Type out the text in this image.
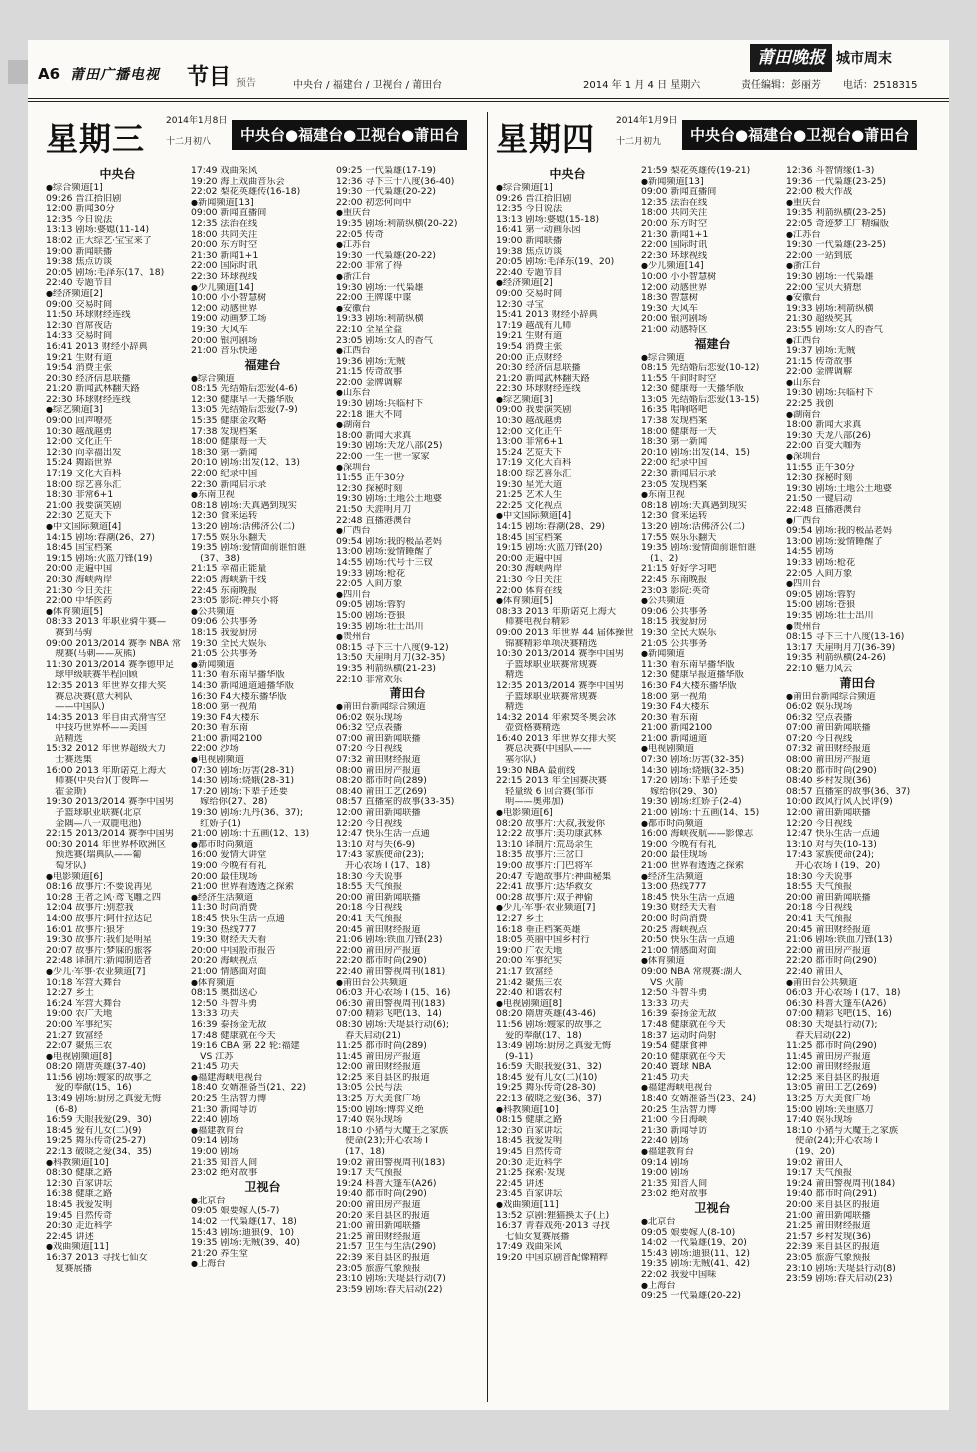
A6 莆田广播电视 节目 预告	中央台 / 福建台 / 卫视台 / 莆田台	2014 年 1 月 4 日 星期六	责任编辑：彭丽芳 电话：2518315
莆田晚报 城市周末
星期三 2014年1月8日
十二月初八	中央台●福建台●卫视台●莆田台
中央台
● 综合频道[1]
09:26 晋江拾旧剧
12:00 新闻30分
12:35 今日说法
13:13 剧场:婆媳(11-14)
18:02 正大综艺·宝宝来了
19:00 新闻联播
19:38 焦点访谈
20:05 剧场:毛泽东(17、18)
22:40 专题节目
● 经济频道[2]
09:00 交易时间
11:50 环球财经连线
12:30 首席夜话
14:33 交易时间
16:41 2013 财经小辞典
19:21 生财有道
19:54 消费主张
20:30 经济信息联播
21:20 新闻武林翻天路
22:30 环球财经连线
● 综艺频道[3]
09:00 回声嘹亮
10:30 越战越勇
12:00 文化正午
12:30 向幸福出发
15:24 舞蹈世界
17:19 文化大百科
18:00 综艺喜乐汇
18:30 非常6+1
21:00 我要演笑剧
22:30 艺览天下
● 中文国际频道[4]
14:15 剧场:春潮(26、27)
18:45 国宝档案
19:15 剧场:火蓝刀锋(19)
20:00 走遍中国
20:30 海峡两岸
21:30 今日关注
22:00 中华医药
● 体育频道[5]
08:33 2013 年职业骑牛赛—
　赛到马驹
09:00 2013/2014 赛季 NBA 常
　规赛(马刺——灰熊)
11:30 2013/2014 赛季德甲足
　球甲级联赛半程回顾
12:35 2013 年世界女排大奖
　赛总决赛(意大利队
　——中国队)
14:35 2013 年自由式滑雪空
　中技巧世界杯——美国
　站精选
15:32 2012 年世界超级大力
　士赛选集
16:00 2013 年斯诺克上海大
　师赛(中央台)(丁俊晖—
　霍金斯)
19:30 2013/2014 赛季中国男
　子篮球职业联赛(北京
　金隅—八一双鹿电池)
22:15 2013/2014 赛季中国男
00:30 2014 年世界杯欧洲区
　预选赛(瑞典队——葡
　萄牙队)
● 电影频道[6]
08:16 故事片:不要说再见
10:28 王者之风·鸢飞雕之四
12:04 故事片:别惹我
14:00 故事片:阿什拉达记
16:01 故事片:狼牙
19:30 故事片:我们是明星
20:07 故事片:梦寐的旅客
22:48 译制片:新闻制造者
● 少儿·军事·农业频道[7]
10:18 军营大舞台
12:27 乡土
16:24 军营大舞台
19:00 农广天地
20:00 军事纪实
21:27 致富经
22:07 聚焦三农
● 电视剧频道[8]
08:20 隋唐英雄(37-40)
11:56 剧场:嫂家的故事之
　爱的奉献(15、16)
13:49 剧场:厨房之真爱无悔
　(6-8)
16:59 天眼我爱(29、30)
18:45 爱有儿女(二)(9)
19:25 舞乐传奇(25-27)
22:13 破晓之爱(34、35)
● 科教频道[10]
08:30 健康之路
12:30 百家讲坛
16:38 健康之路
18:45 我爱发明
19:45 自然传奇
20:30 走近科学
22:45 讲述
● 戏曲频道[11]
16:37 2013 寻找七仙女
　复赛展播
17:49 戏曲采风
19:20 海上戏曲音乐会
22:02 梨花英雄传(16-18)
● 新闻频道[13]
09:00 新闻直播间
12:35 法治在线
18:00 共同关注
20:00 东方时空
21:30 新闻1+1
22:00 国际时讯
22:30 环球视线
● 少儿频道[14]
10:00 小小智慧树
12:00 动感世界
19:00 动画梦工场
19:30 大风车
20:00 银河剧场
21:00 音乐快递
福建台
● 综合频道
08:15 先结婚后恋爱(4-6)
12:30 健康早一天播华版
13:05 先结婚后恋爱(7-9)
15:35 健康金攻略
17:38 发现档案
18:00 健康每一天
18:30 第一新闻
20:10 剧场:出发(12、13)
22:00 纪录中国
22:30 新闻启示录
● 东南卫视
08:18 剧场:天真遇到现实
12:30 食来运转
13:20 剧场:活佛济公(二)
17:55 娱乐乐翻天
19:35 剧场:爱情面前谁怕谁
　(37、38)
21:15 幸福正能量
22:05 海峡新干线
22:45 东南晚报
23:05 影院:神兵小将
● 公共频道
09:06 公共事务
18:15 我爱厨房
19:30 全民大娱乐
21:05 公共事务
● 新闻频道
11:30 看东南早播华版
14:30 新闻通道通播华版
16:30 F4大楼东播华版
18:00 第一视角
19:30 F4大楼东
20:30 看东南
21:00 新闻2100
22:00 沙场
● 电视剧频道
07:30 剧场:厉害(28-31)
14:30 剧场:烧娥(28-31)
17:20 剧场:下辈子还要
　嫁给你(27、28)
19:30 剧场:九丹(36、37);
　红娇子(1)
21:00 剧场:十五画(12、13)
● 都市时尚频道
16:00 爱情大讲堂
19:00 今晚有有礼
20:00 最佳现场
21:00 世界看透透之探索
● 经济生活频道
11:30 时尚消费
18:45 快乐生活一点通
19:30 热线777
19:30 财经天天看
20:00 中国股市报告
20:20 海峡视点
21:00 情感面对面
● 体育频道
08:15 奥拙送心
12:50 斗智斗勇
13:33 功夫
16:39 泰扬金无敌
17:48 健康就在今天
19:16 CBA 第 22 轮:福建
　VS 江苏
21:45 功夫
● 福建海峡电视台
18:40 女婿准备当(21、22)
20:25 生活智力博
21:30 新闻导访
22:40 剧场
● 福建教育台
09:14 剧场
19:00 剧场
21:35 知音人间
23:02 绝对故事
卫视台
● 北京台
09:05 娘要嫁人(5-7)
14:02 一代枭雄(17、18)
15:43 剧场:迪狼(9、10)
19:35 剧场:无贼(39、40)
21:20 养生堂
● 上海台
09:25 一代枭雄(17-19)
12:36 寻下三十八度(36-40)
19:30 一代枭雄(20-22)
22:00 初恋何向中
● 重庆台
19:35 剧场:利箭纵横(20-22)
22:05 传奇
● 江苏台
19:30 一代枭雄(20-22)
22:00 非常了得
● 浙江台
19:30 剧场:一代枭雄
22:00 王牌谍中谍
● 安徽台
19:33 剧场:利箭纵横
22:10 全星全益
23:05 剧场:女人的香气
● 江西台
19:36 剧场:无贼
21:15 传奇故事
22:00 金牌调解
● 山东台
19:30 剧场:兵临村下
22:18 谁大不同
● 湖南台
18:00 新闻大求真
19:30 剧场:天龙八部(25)
22:00 一生一世一家家
● 深圳台
11:55 正午30分
12:30 探秘时刻
19:30 剧场:土地公土地婆
21:50 天涯明月刀
22:48 直播港澳台
● 广西台
09:54 剧场:我的极品老妈
13:00 剧场:爱情睡醒了
14:55 剧场:代号十三钗
19:33 剧场:枪花
22:05 入间万象
● 四川台
09:05 剧场:蓉豹
15:00 剧场:苍狼
19:35 剧场:壮士出川
● 贵州台
08:15 寻下三十八度(9-12)
13:50 天崖明月刀(32-35)
19:35 利箭纵横(21-23)
22:10 非常欢乐
莆田台
● 莆田台新闻综合频道
06:02 娱乐现场
06:32 空点表播
07:00 莆田新闻联播
07:20 今日视线
07:32 莆田财经报道
08:00 莆田房产报道
08:20 都市时尚(289)
08:40 莆田工艺(269)
08:57 直播室的故事(33-35)
12:00 莆田新闻联播
12:20 今日视线
12:47 快乐生活一点通
13:10 对与失(6-9)
17:43 家族使命(23);
　开心农场 I (17、18)
18:30 今天说事
18:55 天气预报
20:00 莆田新闻联播
20:18 今日视线
20:41 天气预报
20:45 莆田财经报道
21:06 剧场:铁血刀锋(23)
22:00 莆田房产报道
22:20 都市时尚(290)
22:40 莆田警视周刊(181)
● 莆田台公共频道
06:03 开心农场 I (15、16)
06:30 莆田警视周刊(183)
07:00 精彩飞吧(13、14)
08:30 剧场:天堤县行动(6);
　春天启动(21)
11:25 都市时尚(289)
11:45 莆田房产报道
12:00 莆田财经报道
12:25 来自县区的报道
13:05 公民与法
13:25 万大美食广场
15:00 剧场:博弈义绝
17:40 娱乐现场
18:10 小猪与大魔王之家族
　使命(23);开心农场 I
　(17、18)
19:02 莆田警视周刊(183)
19:17 天气预报
19:24 科普大篷车(A26)
19:40 都市时尚(290)
20:00 莆田房产报道
20:20 来自县区的报道
21:00 莆田新闻联播
21:25 莆田财经报道
21:57 卫生与生活(290)
22:39 来自县区的报道
23:05 旅游气象预报
23:10 剧场:天堤县行动(7)
23:59 剧场:春天启动(22)
星期四 2014年1月9日
十二月初九	中央台●福建台●卫视台●莆田台
中央台
● 综合频道[1]
09:26 晋江拾旧剧
12:35 今日说法
13:13 剧场:婆媳(15-18)
16:41 第一动画乐园
19:00 新闻联播
19:38 焦点访谈
20:05 剧场:毛泽东(19、20)
22:40 专题节目
● 经济频道[2]
09:00 交易时间
12:30 寻宝
15:41 2013 财经小辞典
17:19 越战有儿师
19:21 生财有道
19:54 消费主张
20:00 正点财经
20:30 经济信息联播
21:20 新闻武林翻天路
22:30 环球财经连线
● 综艺频道[3]
09:00 我要演笑剧
10:30 越战越勇
12:00 文化正午
13:00 非常6+1
15:24 艺览天下
17:19 文化大百科
18:00 综艺喜乐汇
19:30 星光大道
21:25 艺术人生
22:25 文化视点
● 中文国际频道[4]
14:15 剧场:春潮(28、29)
18:45 国宝档案
19:15 剧场:火蓝刀锋(20)
20:00 走遍中国
20:30 海峡两岸
21:30 今日关注
22:00 体育在线
● 体育频道[5]
08:33 2013 年斯诺克上海大
　师赛电视台精彩
09:00 2013 年世界 44 届体操世
　锦赛精彩单项决赛精选
10:30 2013/2014 赛季中国男
　子篮球职业联赛常规赛
　精选
12:35 2013/2014 赛季中国男
　子篮球职业联赛常规赛
　精选
14:32 2014 年索契冬奥会冰
　壶资格赛精选
16:40 2013 年世界女排大奖
　赛总决赛(中国队——
　塞尔队)
19:30 NBA 最前线
22:15 2013 年全国赛决赛
　轻量级 6 回合赛(邹市
　明——奥弗加)
● 电影频道[6]
08:20 故事片:大叔,我爱你
12:22 故事片:美功康武林
13:10 译制片:荒岛余生
18:35 故事片:三岔口
19:00 故事片:门巴将军
20:47 专题故事片:神曲秘集
22:41 故事片:达华救女
00:28 故事片:双子神偷
● 少儿·军事·农业频道[7]
12:27 乡土
16:18 垂正档案英雄
18:05 英丽中国乡村行
19:00 广农天地
20:00 军事纪实
21:17 致富经
21:42 聚焦三农
22:40 和谐农村
● 电视剧频道[8]
08:20 隋唐英雄(43-46)
11:56 剧场:嫂家的故事之
　爱的奉献(17、18)
13:49 剧场:厨房之真爱无悔
　(9-11)
16:59 天眼我爱(31、32)
18:45 爱有儿女(二)(10)
19:25 舞乐传奇(28-30)
22:13 破晓之爱(36、37)
● 科教频道[10]
08:15 健康之路
12:30 百家讲坛
18:45 我爱发明
19:45 自然传奇
20:30 走近科学
21:25 探索·发现
22:45 讲述
23:45 百家讲坛
● 戏曲频道[11]
13:52 京剧:狸猫换太子(上)
16:37 青春戏苑·2013 寻找
　七仙女复赛展播
17:49 戏曲采风
19:20 中国京剧音配像精粹
21:59 梨花英雄传(19-21)
● 新闻频道[13]
09:00 新闻直播间
12:35 法治在线
18:00 共同关注
20:00 东方时空
21:30 新闻1+1
22:00 国际时讯
22:30 环球视线
● 少儿频道[14]
10:00 小小智慧树
12:00 动感世界
18:30 智慧树
19:30 大风车
20:00 银河剧场
21:00 动感特区
福建台
● 综合频道
08:15 先结婚后恋爱(10-12)
11:55 午间时时空
12:30 健康每一天播华版
13:05 先结婚后恋爱(13-15)
16:35 唱响咯吧
17:38 发现档案
18:00 健康每一天
18:30 第一新闻
20:10 剧场:出发(14、15)
22:00 纪录中国
22:30 新闻启示录
23:05 发现档案
● 东南卫视
08:18 剧场:天真遇到现实
12:30 食来运转
13:20 剧场:活佛济公(二)
17:55 娱乐乐翻天
19:35 剧场:爱情面前谁怕谁
　(1、2)
21:15 好好学习吧
22:45 东南晚报
23:03 影院:英奇
● 公共频道
09:06 公共事务
18:15 我爱厨房
19:30 全民大娱乐
21:05 公共事务
● 新闻频道
11:30 看东南早播华版
12:30 健康早报道播华版
16:30 F4大楼东播华版
18:00 第一视角
19:30 F4大楼东
20:30 看东南
21:00 新闻2100
21:00 新闻通道
● 电视剧频道
07:30 剧场:厉害(32-35)
14:30 剧场:烧娥(32-35)
17:20 剧场:下辈子还要
　嫁给你(29、30)
19:30 剧场:红娇子(2-4)
21:00 剧场:十五画(14、15)
● 都市时尚频道
16:00 海峡夜航——影像志
19:00 今晚有有礼
20:00 最佳现场
21:00 世界看透透之探索
● 经济生活频道
13:00 热线777
18:45 快乐生活一点通
19:30 财经天天看
20:00 时尚消费
20:25 海峡视点
20:50 快乐生活一点通
21:00 情感面对面
● 体育频道
09:00 NBA 常规赛:湖人
　VS 火箭
12:50 斗智斗勇
13:33 功夫
16:39 泰扬金无敌
17:48 健康就在今天
18:37 运动时尚射
19:54 健康食神
20:10 健康就在今天
20:40 寰球 NBA
21:45 功夫
● 福建海峡电视台
18:40 女婿准备当(23、24)
20:25 生活智力博
21:00 今日海峡
21:30 新闻导访
22:40 剧场
● 福建教育台
09:14 剧场
19:00 剧场
21:35 知音人间
23:02 绝对故事
卫视台
● 北京台
09:05 娘要嫁人(8-10)
14:02 一代枭雄(19、20)
15:43 剧场:迪狼(11、12)
19:35 剧场:无贼(41、42)
22:02 我爱中国味
● 上海台
09:25 一代枭雄(20-22)
12:36 斗智情缘(1-3)
19:36 一代枭雄(23-25)
22:00 极大作战
● 重庆台
19:35 利箭纵横(23-25)
22:05 奇迹梦工厂精编版
● 江苏台
19:30 一代枭雄(23-25)
22:00 一站到底
● 浙江台
19:30 剧场:一代枭雄
22:00 宝贝大猜想
● 安徽台
19:33 剧场:利箭纵横
21:30 超级奖其
23:55 剧场:女人的香气
● 江西台
19:37 剧场:无贼
21:15 传奇故事
22:00 金牌调解
● 山东台
19:30 剧场:兵临村下
22:25 我创
● 湖南台
18:00 新闻大求真
19:30 天龙八部(26)
22:00 百变大咖秀
● 深圳台
11:55 正午30分
12:30 探秘时刻
19:30 剧场:土地公土地婆
21:50 一键启动
22:48 直播港澳台
● 广西台
09:54 剧场:我的极品老妈
13:00 剧场:爱情睡醒了
14:55 剧场
19:33 剧场:枪花
22:05 入间万象
● 四川台
09:05 剧场:蓉豹
15:00 剧场:苍狼
19:35 剧场:壮士出川
● 贵州台
08:15 寻下三十八度(13-16)
13:17 天崖明月刀(36-39)
19:35 利箭纵横(24-26)
22:10 魅力风云
莆田台
● 莆田台新闻综合频道
06:02 娱乐现场
06:32 空点表播
07:00 莆田新闻联播
07:20 今日视线
07:32 莆田财经报道
08:00 莆田房产报道
08:20 都市时尚(290)
08:40 乡村发现(36)
08:57 直播室的故事(36、37)
10:00 政风行风人民评(9)
12:00 莆田新闻联播
12:20 今日视线
12:47 快乐生活一点通
13:10 对与失(10-13)
17:43 家族使命(24);
　开心农场 I (19、20)
18:30 今天说事
18:55 天气预报
20:00 莆田新闻联播
20:18 今日视线
20:41 天气预报
20:45 莆田财经报道
21:06 剧场:铁血刀锋(13)
22:00 莆田房产报道
22:20 都市时尚(290)
22:40 莆田人
● 莆田台公共频道
06:03 开心农场 I (17、18)
06:30 科普大篷车(A26)
07:00 精彩飞吧(15、16)
08:30 天堤县行动(7);
　春天启动(22)
11:25 都市时尚(290)
11:45 莆田房产报道
12:00 莆田财经报道
12:25 来自县区的报道
13:05 莆田工艺(269)
13:25 万大美食广场
15:00 剧场:关重感刀
17:40 娱乐现场
18:10 小猪与大魔王之家族
　使命(24);开心农场 I
　(19、20)
19:02 莆田人
19:17 天气预报
19:24 莆田警视周刊(184)
19:40 都市时尚(291)
20:00 来自县区的报道
21:00 莆田新闻联播
21:25 莆田财经报道
21:57 乡村发现(36)
22:39 来自县区的报道
23:05 旅游气象预报
23:10 剧场:天堤县行动(8)
23:59 剧场:春天启动(23)
